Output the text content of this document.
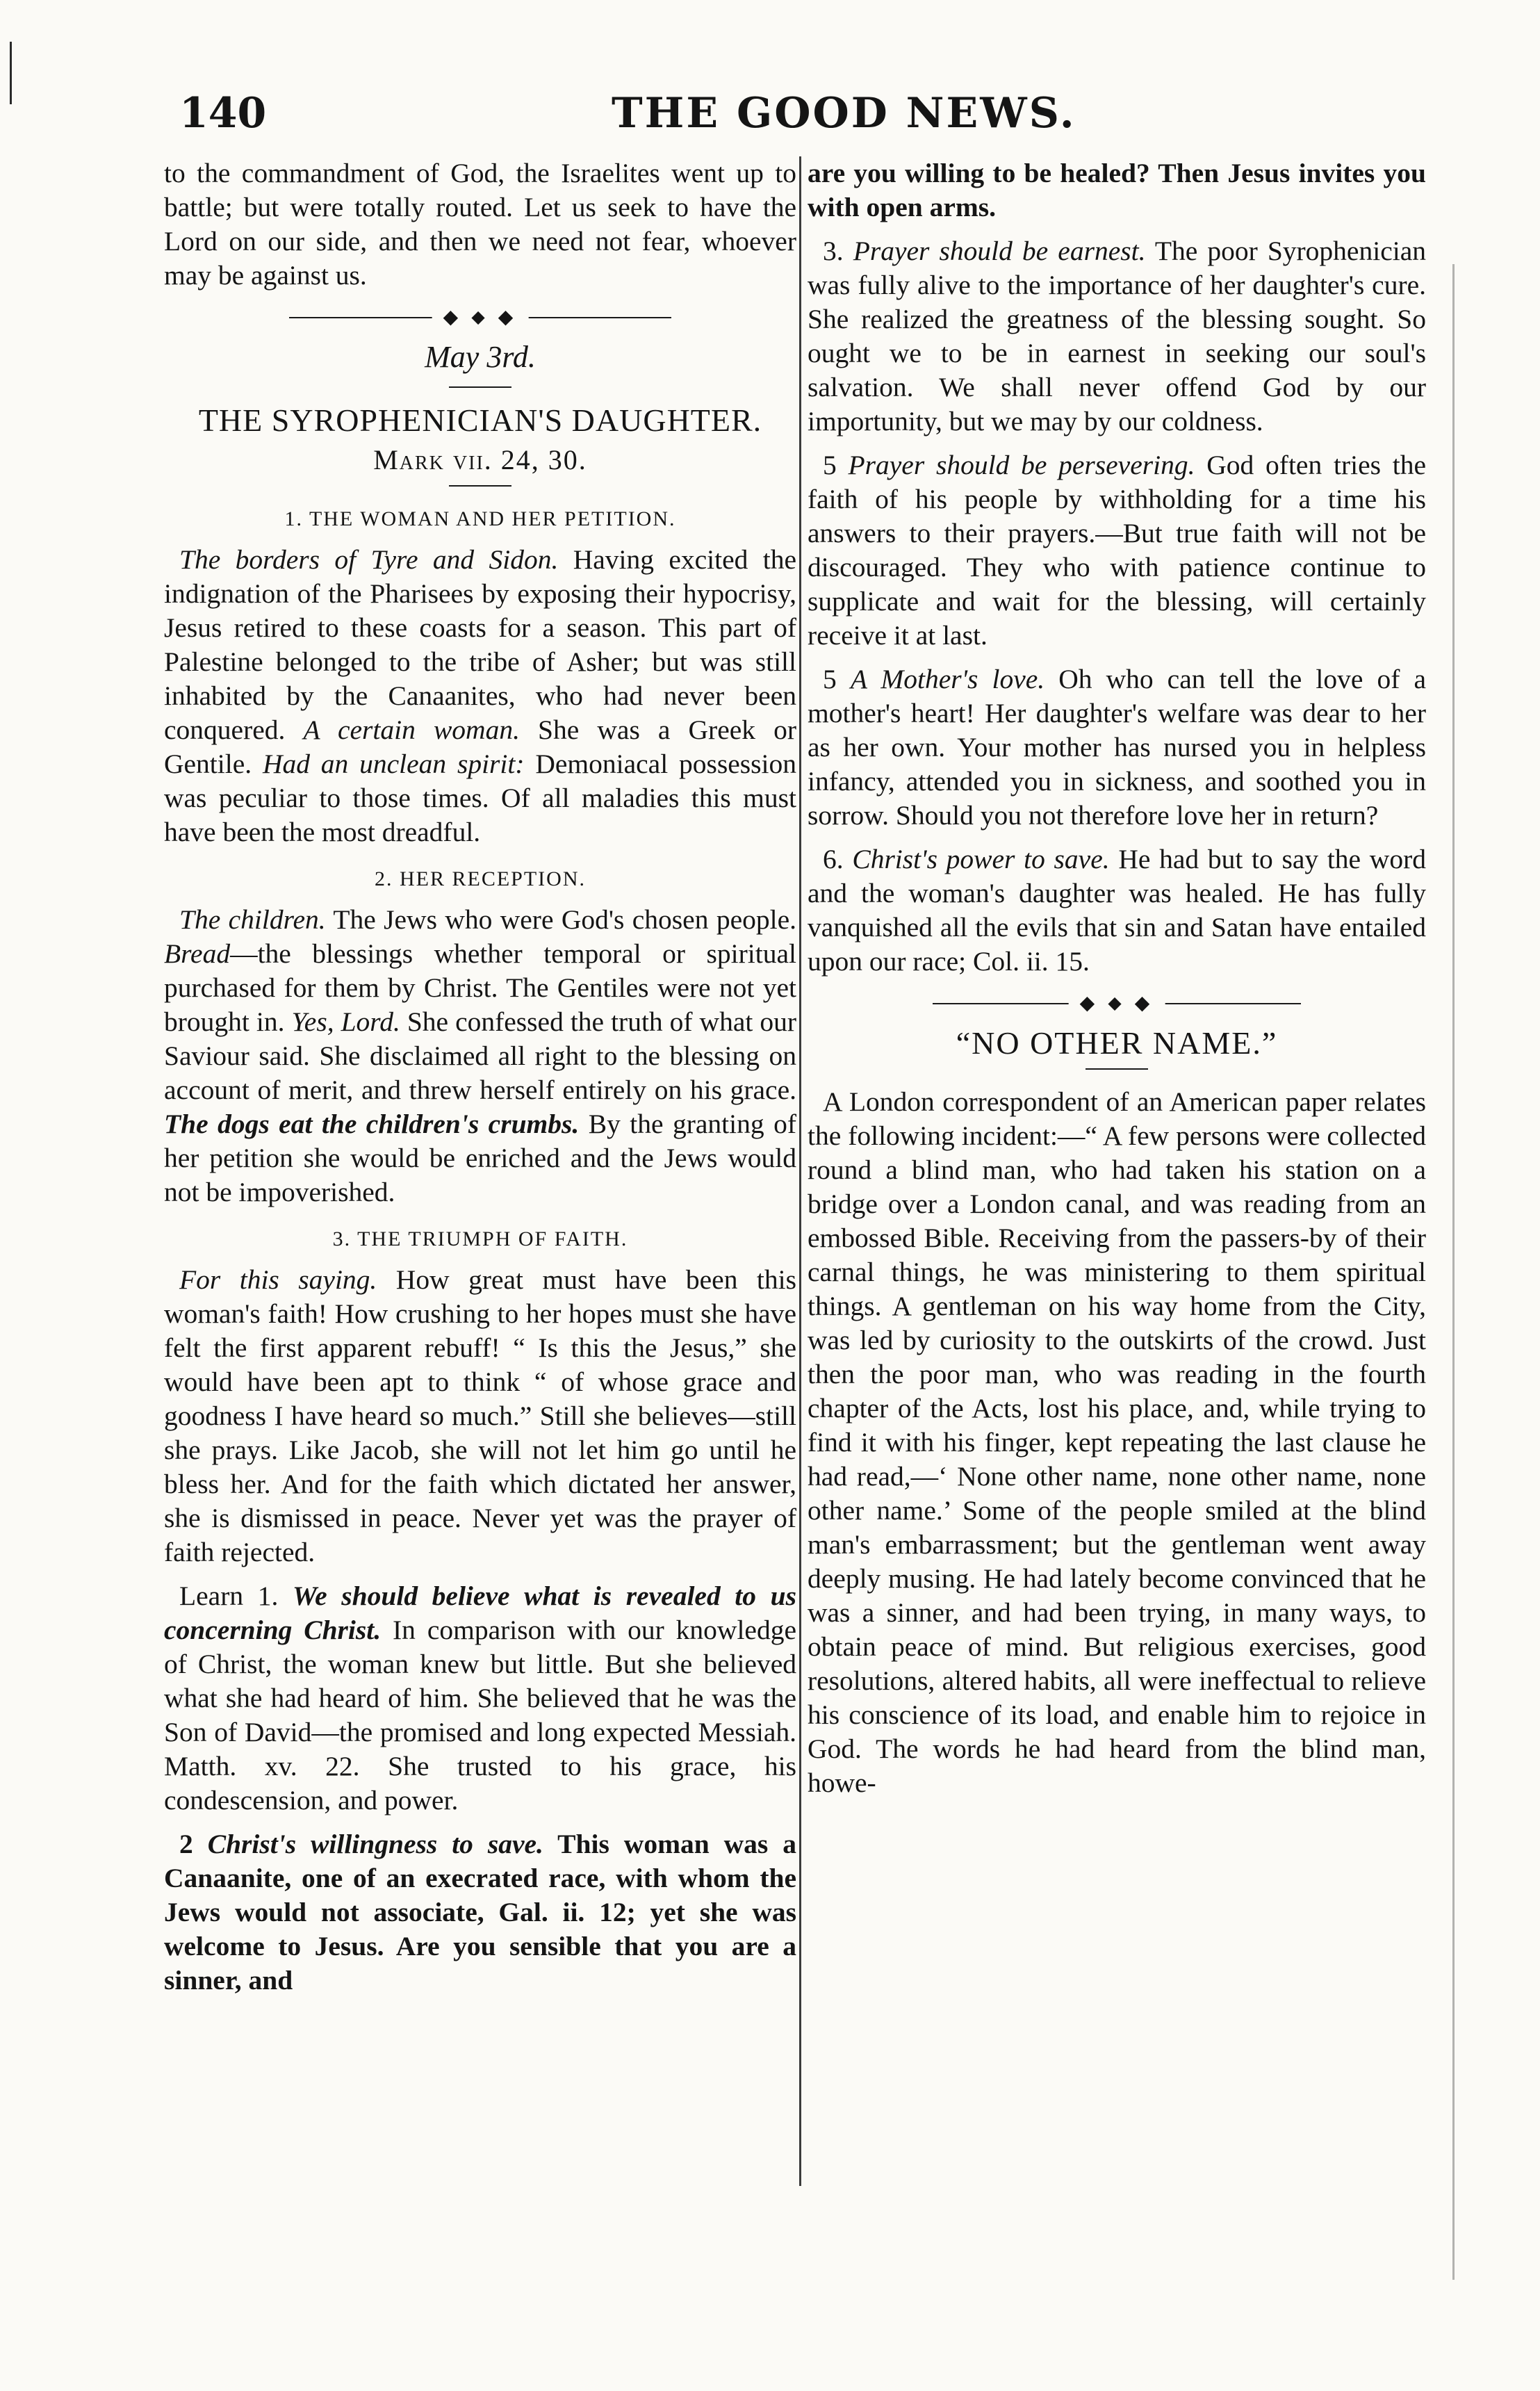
140	THE GOOD NEWS.

to the commandment of God, the Israelites went up to battle; but were totally routed. Let us seek to have the Lord on our side, and then we need not fear, whoever may be against us.

◆ ⬥ ◆
May 3rd.
THE SYROPHENICIAN'S DAUGHTER.
Mark vii. 24, 30.
1. THE WOMAN AND HER PETITION.

The borders of Tyre and Sidon. Having excited the indignation of the Pharisees by exposing their hypocrisy, Jesus retired to these coasts for a season. This part of Palestine belonged to the tribe of Asher; but was still inhabited by the Canaanites, who had never been conquered. A certain woman. She was a Greek or Gentile. Had an unclean spirit: Demoniacal possession was peculiar to those times. Of all maladies this must have been the most dreadful.

2. HER RECEPTION.

The children. The Jews who were God's chosen people. Bread—the blessings whether temporal or spiritual purchased for them by Christ. The Gentiles were not yet brought in. Yes, Lord. She confessed the truth of what our Saviour said. She disclaimed all right to the blessing on account of merit, and threw herself entirely on his grace. The dogs eat the children's crumbs. By the granting of her petition she would be enriched and the Jews would not be impoverished.

3. THE TRIUMPH OF FAITH.

For this saying. How great must have been this woman's faith! How crushing to her hopes must she have felt the first apparent rebuff! “ Is this the Jesus,” she would have been apt to think “ of whose grace and goodness I have heard so much.” Still she believes—still she prays. Like Jacob, she will not let him go until he bless her. And for the faith which dictated her answer, she is dismissed in peace. Never yet was the prayer of faith rejected.

Learn 1. We should believe what is revealed to us concerning Christ. In comparison with our knowledge of Christ, the woman knew but little. But she believed what she had heard of him. She believed that he was the Son of David—the promised and long expected Messiah. Matth. xv. 22. She trusted to his grace, his condescension, and power.

2 Christ's willingness to save. This woman was a Canaanite, one of an execrated race, with whom the Jews would not associate, Gal. ii. 12; yet she was welcome to Jesus. Are you sensible that you are a sinner, and

are you willing to be healed? Then Jesus invites you with open arms.

3. Prayer should be earnest. The poor Syrophenician was fully alive to the importance of her daughter's cure. She realized the greatness of the blessing sought. So ought we to be in earnest in seeking our soul's salvation. We shall never offend God by our importunity, but we may by our coldness.

5 Prayer should be persevering. God often tries the faith of his people by withholding for a time his answers to their prayers.—But true faith will not be discouraged. They who with patience continue to supplicate and wait for the blessing, will certainly receive it at last.

5 A Mother's love. Oh who can tell the love of a mother's heart! Her daughter's welfare was dear to her as her own. Your mother has nursed you in helpless infancy, attended you in sickness, and soothed you in sorrow. Should you not therefore love her in return?

6. Christ's power to save. He had but to say the word and the woman's daughter was healed. He has fully vanquished all the evils that sin and Satan have entailed upon our race; Col. ii. 15.

◆ ⬥ ◆
“NO OTHER NAME.”

A London correspondent of an American paper relates the following incident:—“ A few persons were collected round a blind man, who had taken his station on a bridge over a London canal, and was reading from an embossed Bible. Receiving from the passers-by of their carnal things, he was ministering to them spiritual things. A gentleman on his way home from the City, was led by curiosity to the outskirts of the crowd. Just then the poor man, who was reading in the fourth chapter of the Acts, lost his place, and, while trying to find it with his finger, kept repeating the last clause he had read,—‘ None other name, none other name, none other name.’ Some of the people smiled at the blind man's embarrassment; but the gentleman went away deeply musing. He had lately become convinced that he was a sinner, and had been trying, in many ways, to obtain peace of mind. But religious exercises, good resolutions, altered habits, all were ineffectual to relieve his conscience of its load, and enable him to rejoice in God. The words he had heard from the blind man, howe-
